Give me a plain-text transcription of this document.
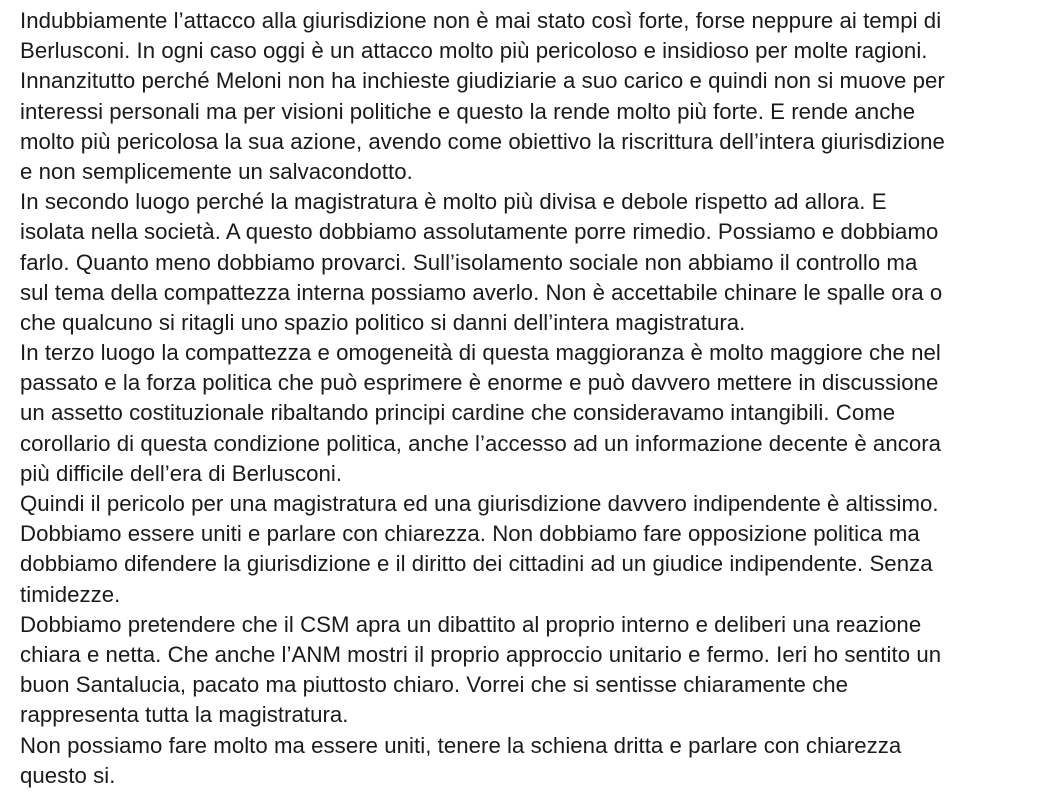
Indubbiamente l’attacco alla giurisdizione non è mai stato così forte, forse neppure ai tempi di
Berlusconi. In ogni caso oggi è un attacco molto più pericoloso e insidioso per molte ragioni.
Innanzitutto perché Meloni non ha inchieste giudiziarie a suo carico e quindi non si muove per
interessi personali ma per visioni politiche e questo la rende molto più forte. E rende anche
molto più pericolosa la sua azione, avendo come obiettivo la riscrittura dell’intera giurisdizione
e non semplicemente un salvacondotto.
In secondo luogo perché la magistratura è molto più divisa e debole rispetto ad allora. E
isolata nella società. A questo dobbiamo assolutamente porre rimedio. Possiamo e dobbiamo
farlo. Quanto meno dobbiamo provarci. Sull’isolamento sociale non abbiamo il controllo ma
sul tema della compattezza interna possiamo averlo. Non è accettabile chinare le spalle ora o
che qualcuno si ritagli uno spazio politico si danni dell’intera magistratura.
In terzo luogo la compattezza e omogeneità di questa maggioranza è molto maggiore che nel
passato e la forza politica che può esprimere è enorme e può davvero mettere in discussione
un assetto costituzionale ribaltando principi cardine che consideravamo intangibili. Come
corollario di questa condizione politica, anche l’accesso ad un informazione decente è ancora
più difficile dell’era di Berlusconi.
Quindi il pericolo per una magistratura ed una giurisdizione davvero indipendente è altissimo.
Dobbiamo essere uniti e parlare con chiarezza. Non dobbiamo fare opposizione politica ma
dobbiamo difendere la giurisdizione e il diritto dei cittadini ad un giudice indipendente. Senza
timidezze.
Dobbiamo pretendere che il CSM apra un dibattito al proprio interno e deliberi una reazione
chiara e netta. Che anche l’ANM mostri il proprio approccio unitario e fermo. Ieri ho sentito un
buon Santalucia, pacato ma piuttosto chiaro. Vorrei che si sentisse chiaramente che
rappresenta tutta la magistratura.
Non possiamo fare molto ma essere uniti, tenere la schiena dritta e parlare con chiarezza
questo si.
